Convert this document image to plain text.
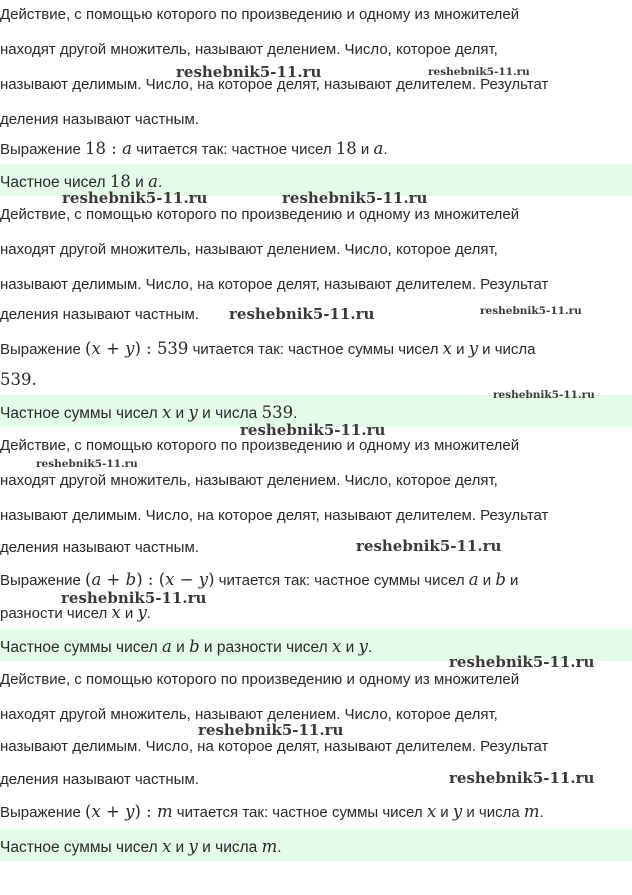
Действие, с помощью которого по произведению и одному из множителей
находят другой множитель, называют делением. Число, которое делят,
называют делимым. Число, на которое делят, называют делителем. Результат
деления называют частным.
Выражение 18 : a читается так: частное чисел 18 и a.
Частное чисел 18 и a.
Действие, с помощью которого по произведению и одному из множителей
находят другой множитель, называют делением. Число, которое делят,
называют делимым. Число, на которое делят, называют делителем. Результат
деления называют частным.
Выражение (x + y) : 539 читается так: частное суммы чисел x и y и числа
539.
Частное суммы чисел x и y и числа 539.
Действие, с помощью которого по произведению и одному из множителей
находят другой множитель, называют делением. Число, которое делят,
называют делимым. Число, на которое делят, называют делителем. Результат
деления называют частным.
Выражение (a + b) : (x − y) читается так: частное суммы чисел a и b и
разности чисел x и y.
Частное суммы чисел a и b и разности чисел x и y.
Действие, с помощью которого по произведению и одному из множителей
находят другой множитель, называют делением. Число, которое делят,
называют делимым. Число, на которое делят, называют делителем. Результат
деления называют частным.
Выражение (x + y) : m читается так: частное суммы чисел x и y и числа m.
Частное суммы чисел x и y и числа m.
reshebnik5-11.ru	reshebnik5-11.ru
reshebnik5-11.ru	reshebnik5-11.ru
reshebnik5-11.ru	reshebnik5-11.ru
reshebnik5-11.ru
reshebnik5-11.ru
reshebnik5-11.ru
reshebnik5-11.ru
reshebnik5-11.ru
reshebnik5-11.ru
reshebnik5-11.ru
reshebnik5-11.ru
